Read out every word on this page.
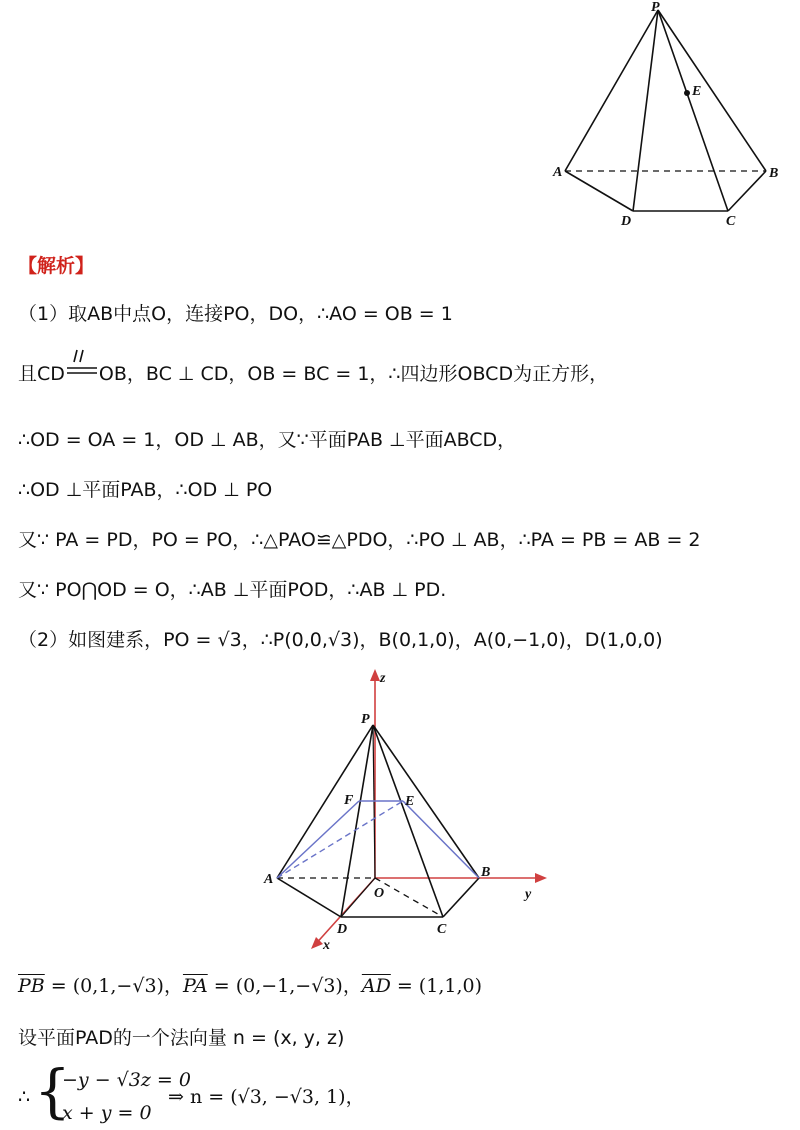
P
E
A	B
C
D
【解析】
（1）取AB中点O，连接PO，DO，∴AO = OB = 1
且CD OB，BC ⊥ CD，OB = BC = 1，∴四边形OBCD为正方形，
∴OD = OA = 1，OD ⊥ AB，又∵平面PAB ⊥平面ABCD，
∴OD ⊥平面PAB，∴OD ⊥ PO
又∵ PA = PD，PO = PO，∴△PAO≌△PDO，∴PO ⊥ AB，∴PA = PB = AB = 2
又∵ PO⋂OD = O，∴AB ⊥平面POD，∴AB ⊥ PD.
（2）如图建系，PO = √3，∴P(0,0,√3)，B(0,1,0)，A(0,−1,0)，D(1,0,0)
z
P
F	E
A
O
B
y
D	C
x
$\overline{PB} = (0,1,-√3)$，$\overline{PA} = (0,-1,-√3)$，$\overline{AD} = (1,1,0)$
设平面PAD的一个法向量 n = (x, y, z)
∴ {
−y − √3z = 0
x + y = 0
⇒ n = (√3, −√3, 1)，
